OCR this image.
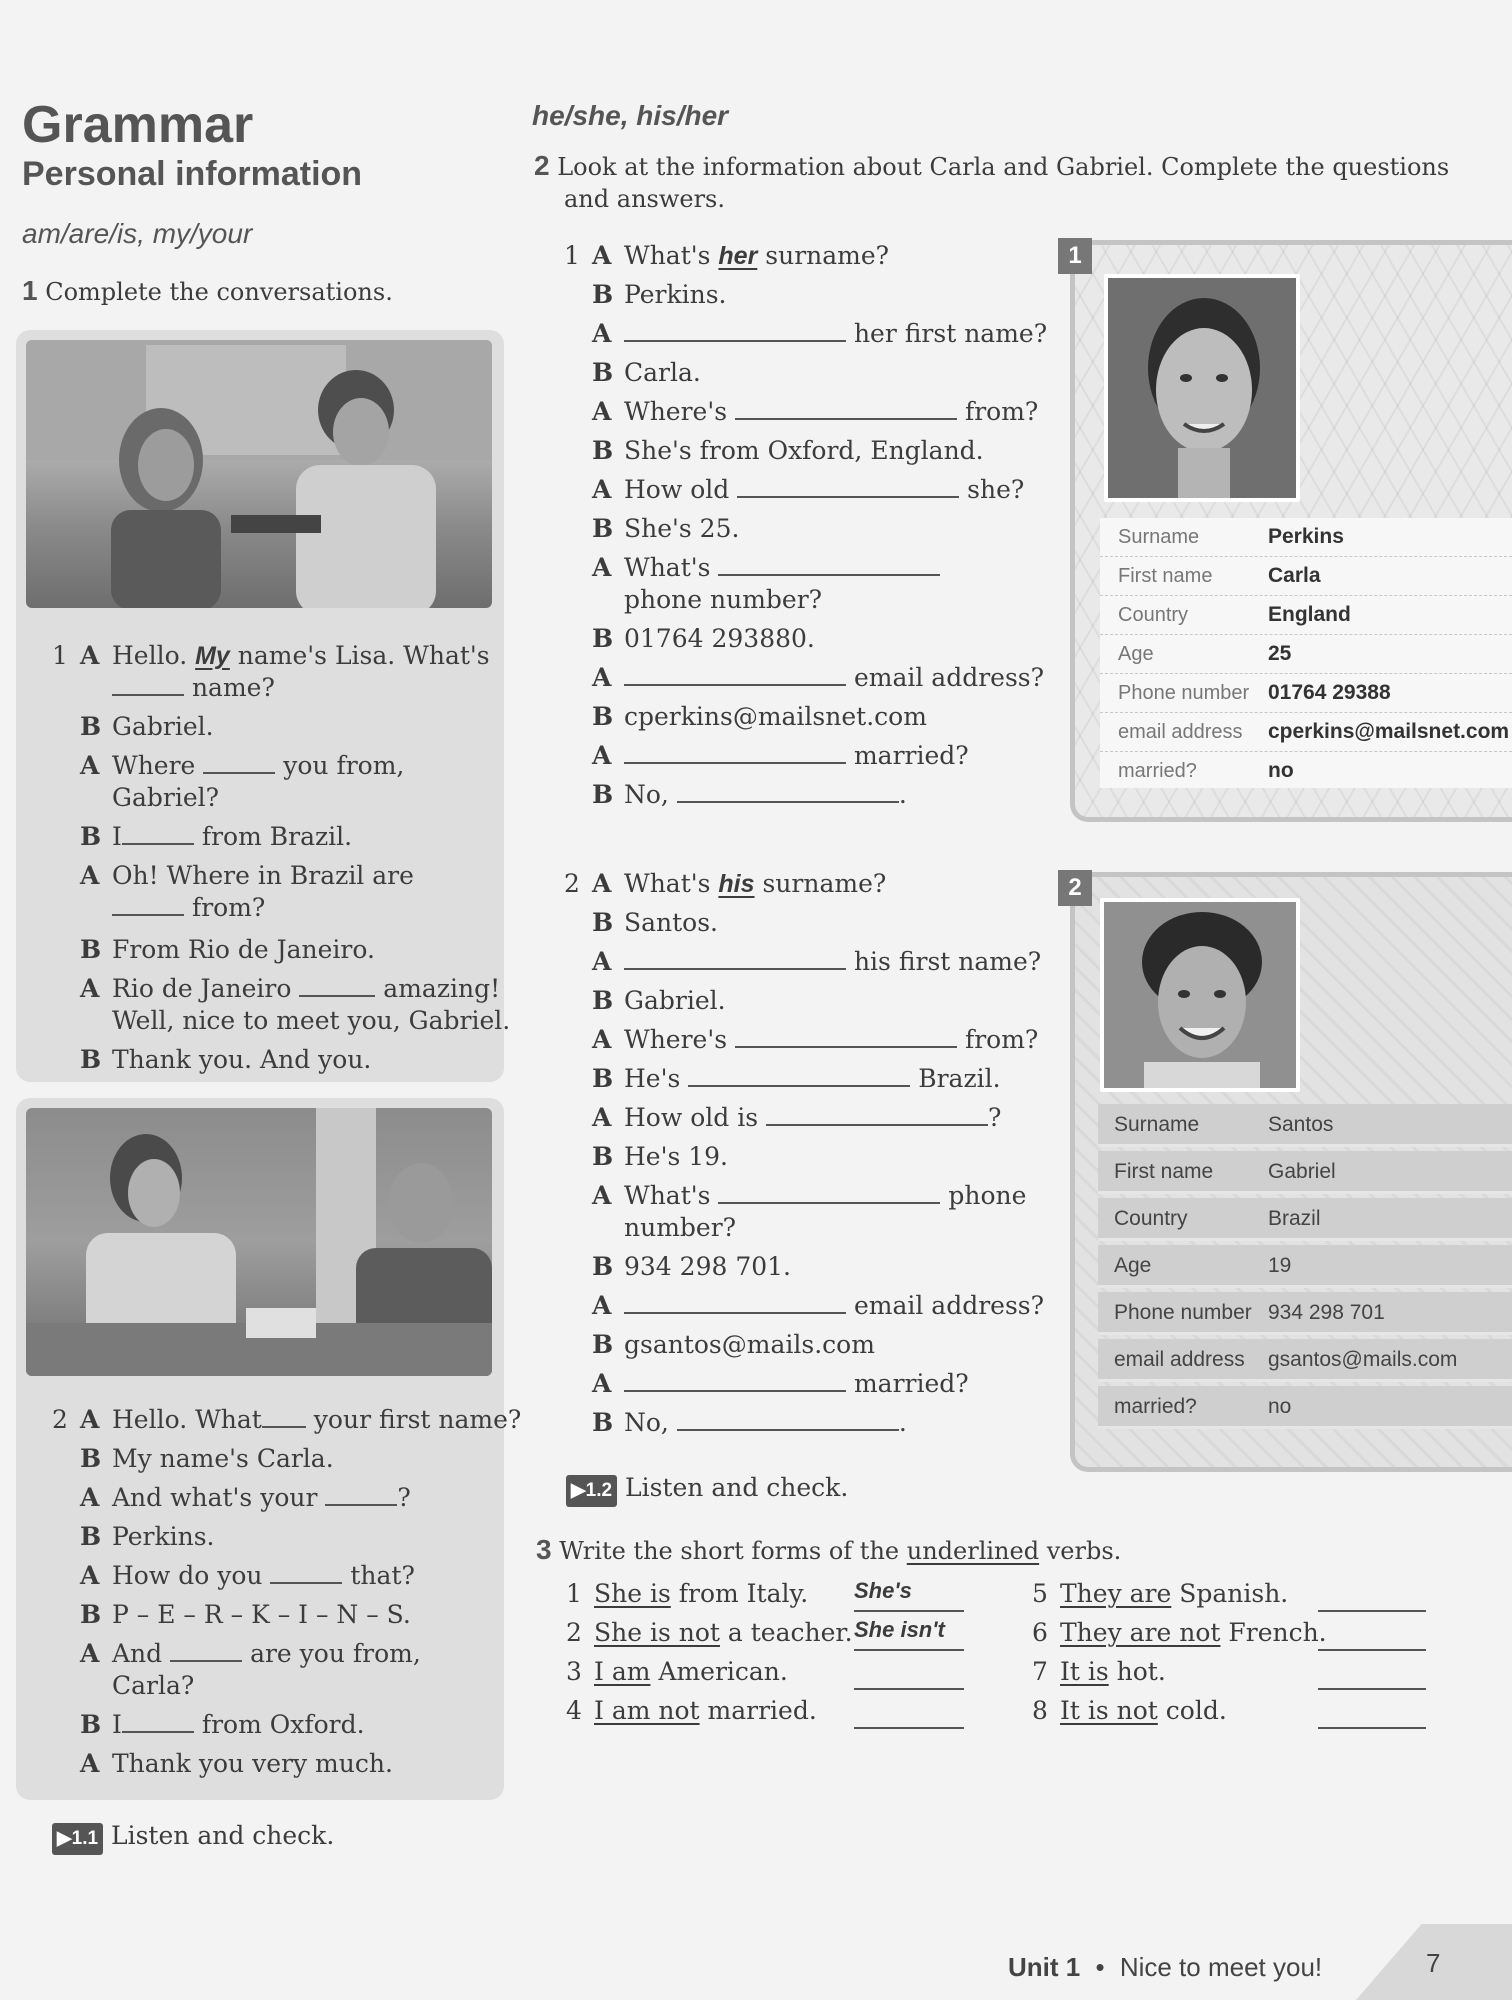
Grammar
Personal information
am/are/is, my/your
1 Complete the conversations.
1 A Hello. My name's Lisa. What's
name?
B Gabriel.
A Where	you from,
Gabriel?
B I	from Brazil.
A Oh! Where in Brazil are
from?
B From Rio de Janeiro.
A Rio de Janeiro	amazing!
Well, nice to meet you, Gabriel.
B Thank you. And you.
2 A Hello. What your first name?
B My name's Carla.
A And what's your	?
B Perkins.
A How do you	that?
B P – E – R – K – I – N – S.
A And	are you from,
Carla?
B I	from Oxford.
A Thank you very much.
▶1.1 Listen and check.
he/she, his/her
2 Look at the information about Carla and Gabriel. Complete the questions
and answers.
1 A What's her surname?
B Perkins.
A	her first name?
B Carla.
A Where's	from?
B She's from Oxford, England.
A How old	she?
B She's 25.
A What's
phone number?
B 01764 293880.
A	email address?
B cperkins@mailsnet.com
A	married?
B No,	.
2 A What's his surname?
B Santos.
A	his first name?
B Gabriel.
A Where's	from?
B He's	Brazil.
A How old is	?
B He's 19.
A What's	phone
number?
B 934 298 701.
A	email address?
B gsantos@mails.com
A	married?
B No,	.
▶1.2 Listen and check.
3 Write the short forms of the underlined verbs.
1 She is from Italy. She's
2 She is not a teacher. She isn't
3 I am American.
4 I am not married.
5 They are Spanish.
6 They are not French.
7 It is hot.
8 It is not cold.
1
Surname	Perkins
First name	Carla
Country	England
Age	25
Phone number 01764 29388
email address cperkins@mailsnet.com
married?	no
2
Surname	Santos
First name	Gabriel
Country	Brazil
Age	19
Phone number 934 298 701
email address gsantos@mails.com
married?	no
Unit 1 • Nice to meet you!	7
